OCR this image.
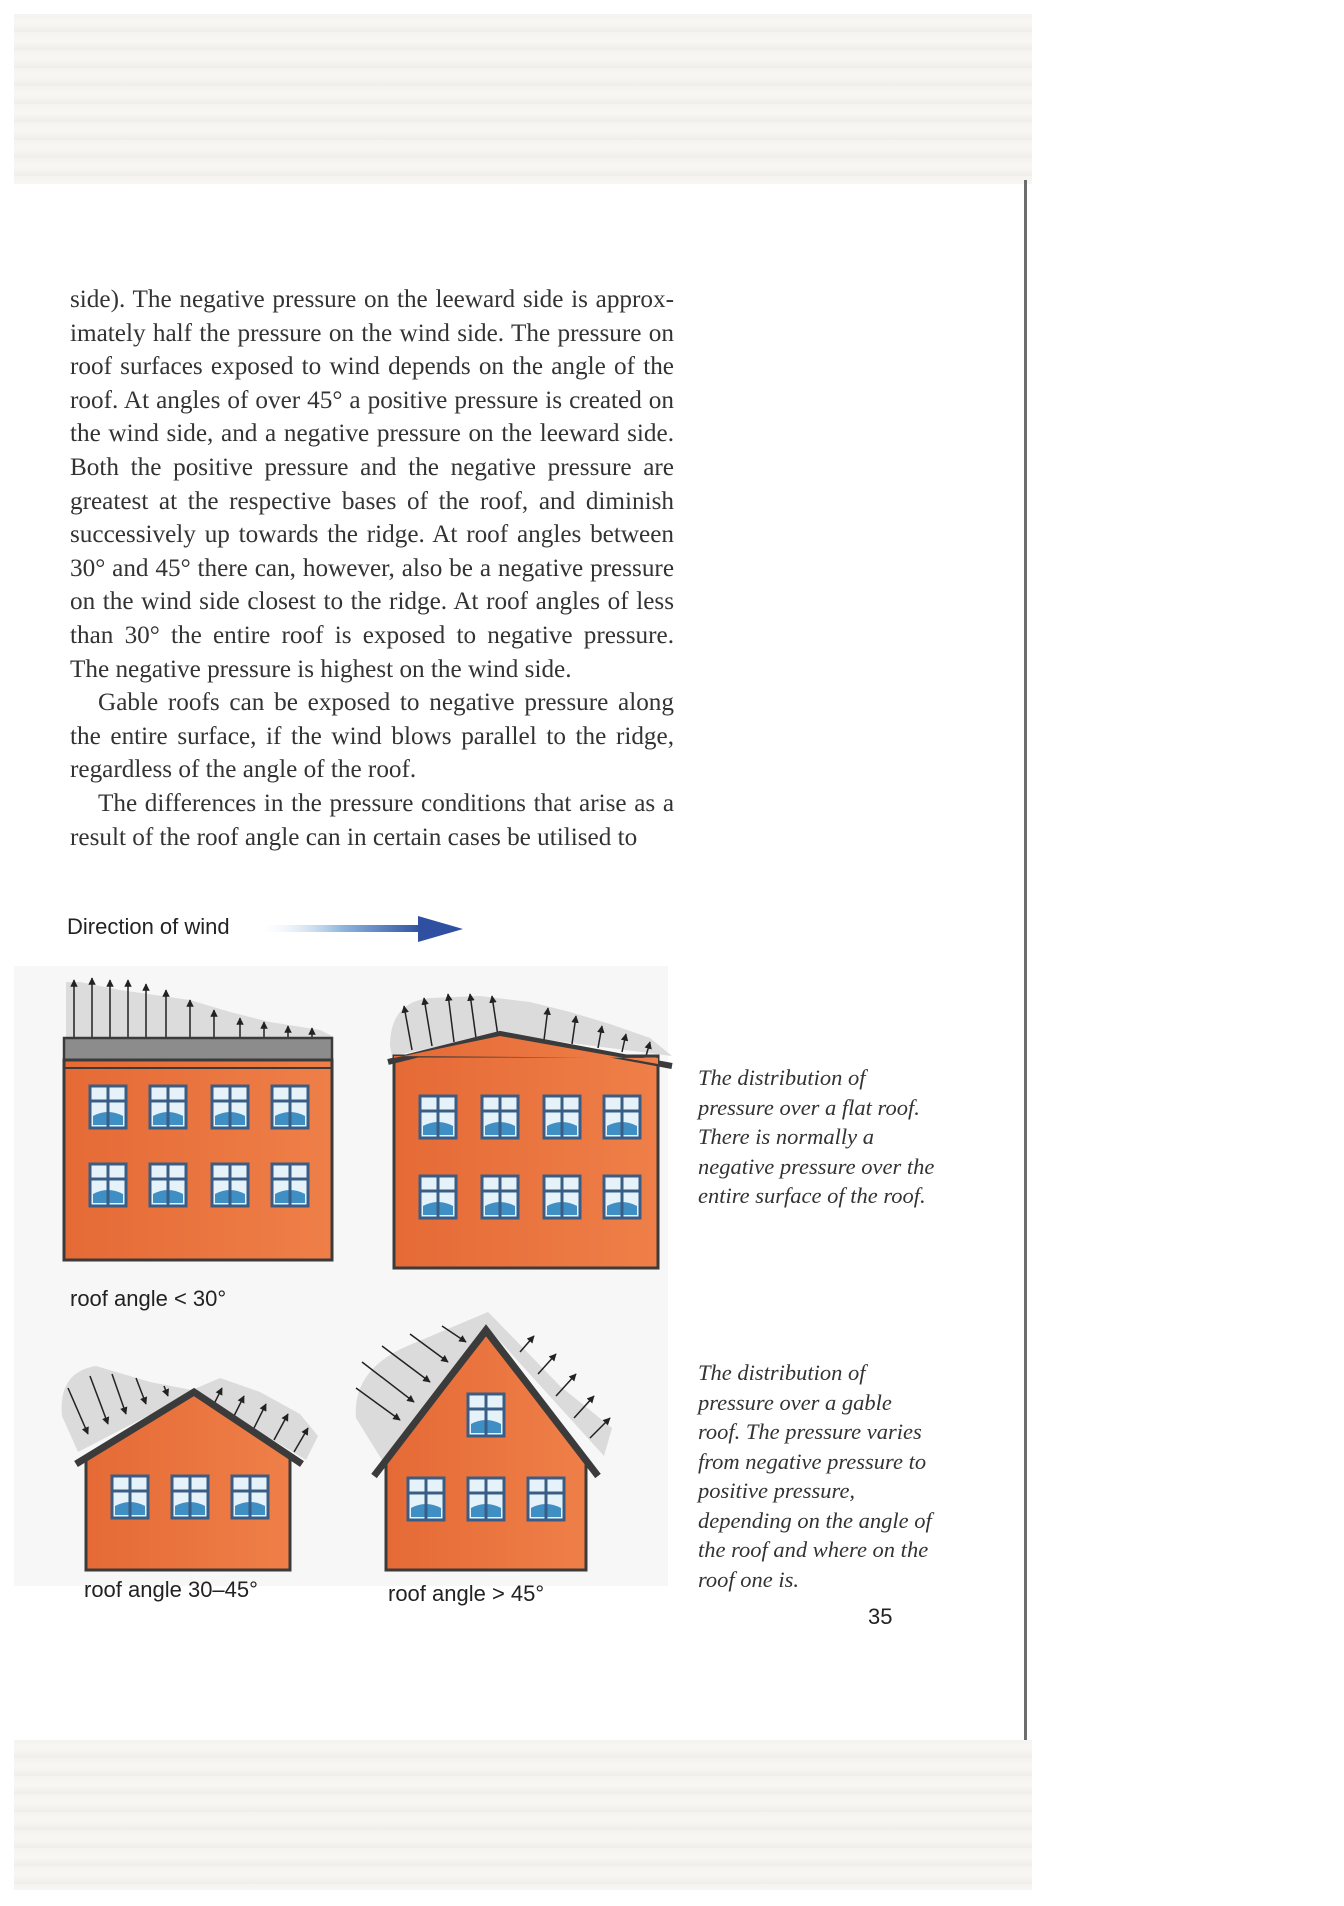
side). The negative pressure on the leeward side is approximately half the pressure on the wind side. The pressure on roof surfaces exposed to wind depends on the angle of the roof. At angles of over 45° a positive pressure is created on the wind side, and a negative pressure on the leeward side. Both the positive pressure and the negative pressure are greatest at the respective bases of the roof, and diminish successively up towards the ridge. At roof angles between 30° and 45° there can, however, also be a negative pressure on the wind side closest to the ridge. At roof angles of less than 30° the entire roof is exposed to negative pressure. The negative pressure is highest on the wind side.

Gable roofs can be exposed to negative pressure along the entire surface, if the wind blows parallel to the ridge, regardless of the angle of the roof.

The differences in the pressure conditions that arise as a result of the roof angle can in certain cases be utilised to

Direction of wind
roof angle < 30°
roof angle 30–45°	roof angle > 45°

The distribution of pressure over a flat roof. There is normally a negative pressure over the entire surface of the roof.

The distribution of pressure over a gable roof. The pressure varies from negative pressure to positive pressure, depending on the angle of the roof and where on the roof one is.

35
